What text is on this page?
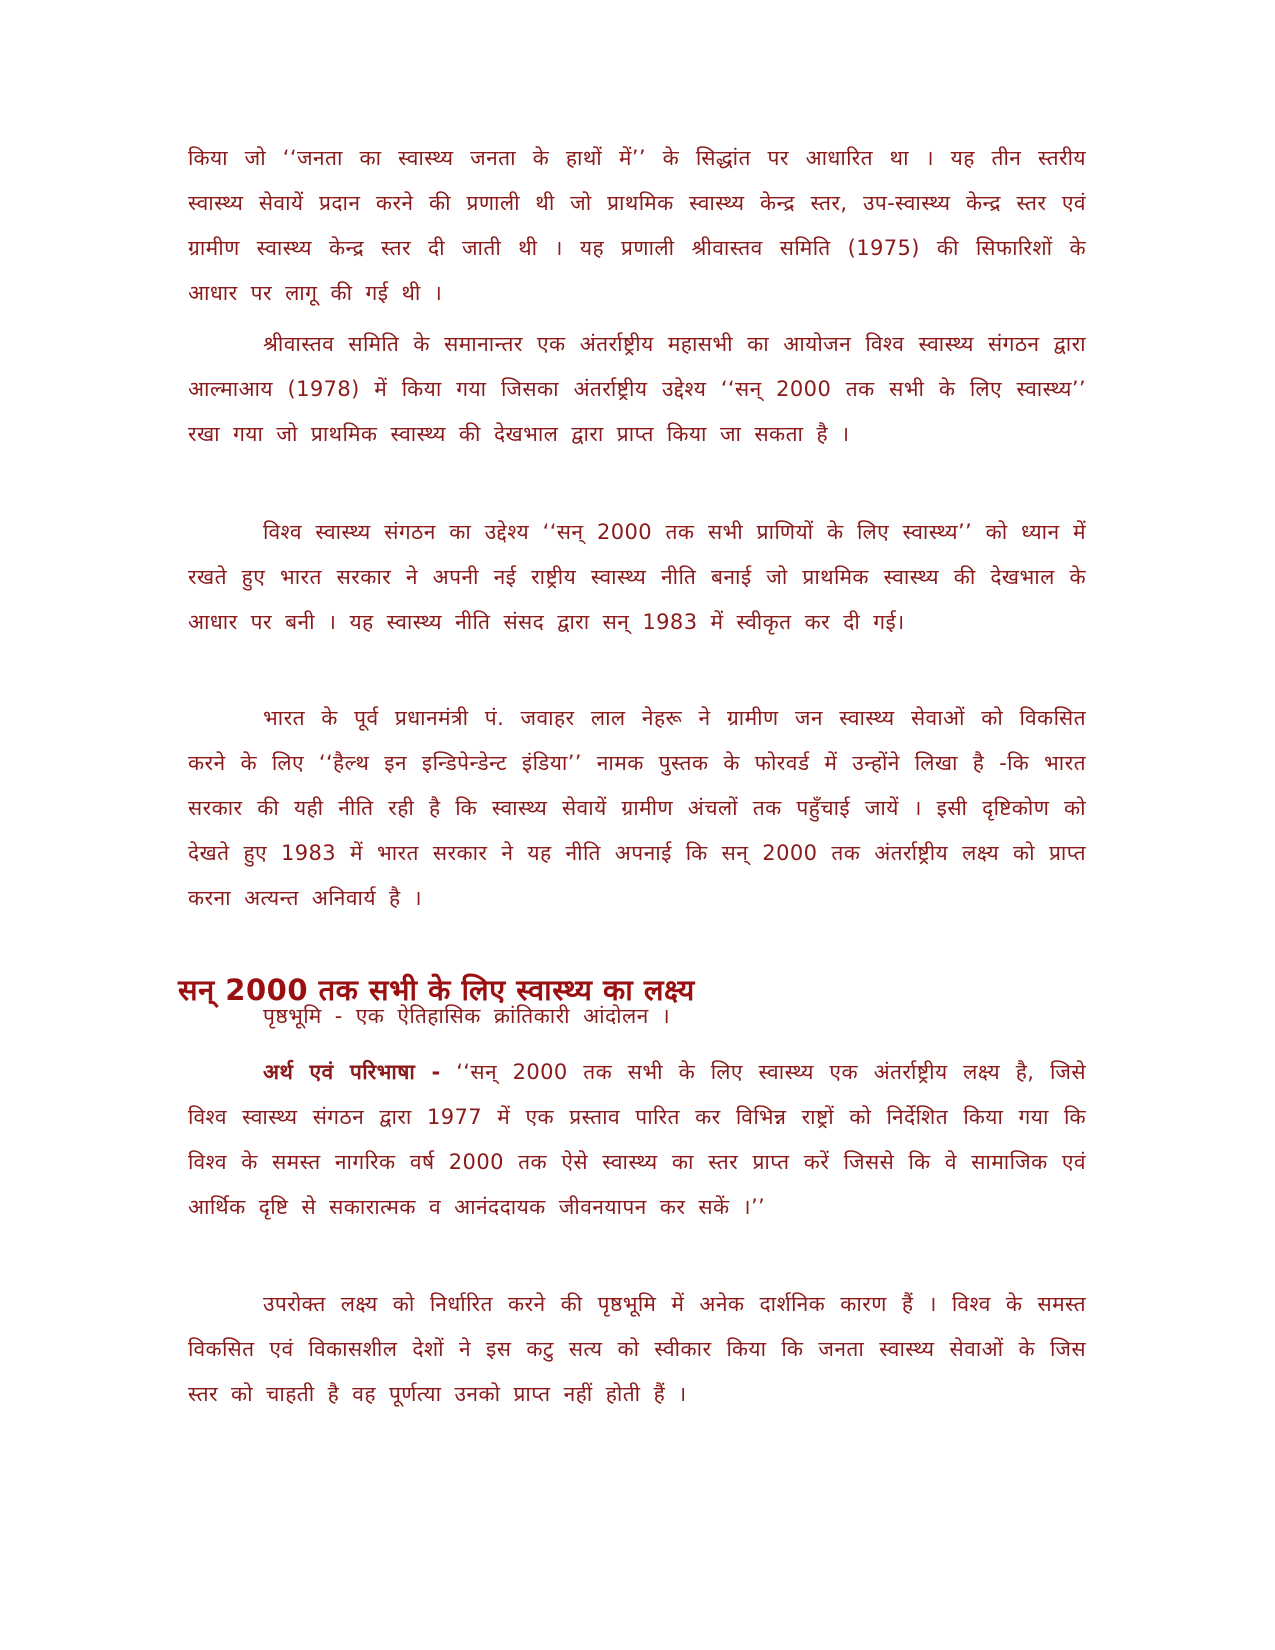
किया जो ‘‘जनता का स्वास्थ्य जनता के हाथों में’’ के सिद्धांत पर आधारित था । यह तीन स्तरीय स्वास्थ्य सेवायें प्रदान करने की प्रणाली थी जो प्राथमिक स्वास्थ्य केन्द्र स्तर, उप-स्वास्थ्य केन्द्र स्तर एवं ग्रामीण स्वास्थ्य केन्द्र स्तर दी जाती थी । यह प्रणाली श्रीवास्तव समिति (1975) की सिफारिशों के आधार पर लागू की गई थी ।
श्रीवास्तव समिति के समानान्तर एक अंतर्राष्ट्रीय महासभी का आयोजन विश्व स्वास्थ्य संगठन द्वारा आल्माआय (1978) में किया गया जिसका अंतर्राष्ट्रीय उद्देश्य ‘‘सन् 2000 तक सभी के लिए स्वास्थ्य’’ रखा गया जो प्राथमिक स्वास्थ्य की देखभाल द्वारा प्राप्त किया जा सकता है ।
विश्व स्वास्थ्य संगठन का उद्देश्य ‘‘सन् 2000 तक सभी प्राणियों के लिए स्वास्थ्य’’ को ध्यान में रखते हुए भारत सरकार ने अपनी नई राष्ट्रीय स्वास्थ्य नीति बनाई जो प्राथमिक स्वास्थ्य की देखभाल के आधार पर बनी । यह स्वास्थ्य नीति संसद द्वारा सन् 1983 में स्वीकृत कर दी गई।
भारत के पूर्व प्रधानमंत्री पं. जवाहर लाल नेहरू ने ग्रामीण जन स्वास्थ्य सेवाओं को विकसित करने के लिए ‘‘हैल्थ इन इन्डिपेन्डेन्ट इंडिया’’ नामक पुस्तक के फोरवर्ड में उन्होंने लिखा है -कि भारत सरकार की यही नीति रही है कि स्वास्थ्य सेवायें ग्रामीण अंचलों तक पहुँचाई जायें । इसी दृष्टिकोण को देखते हुए 1983 में भारत सरकार ने यह नीति अपनाई कि सन् 2000 तक अंतर्राष्ट्रीय लक्ष्य को प्राप्त करना अत्यन्त अनिवार्य है ।
सन् 2000 तक सभी के लिए स्वास्थ्य का लक्ष्य
पृष्ठभूमि - एक ऐतिहासिक क्रांतिकारी आंदोलन ।
अर्थ एवं परिभाषा - ‘‘सन् 2000 तक सभी के लिए स्वास्थ्य एक अंतर्राष्ट्रीय लक्ष्य है, जिसे विश्व स्वास्थ्य संगठन द्वारा 1977 में एक प्रस्ताव पारित कर विभिन्न राष्ट्रों को निर्देशित किया गया कि विश्व के समस्त नागरिक वर्ष 2000 तक ऐसे स्वास्थ्य का स्तर प्राप्त करें जिससे कि वे सामाजिक एवं आर्थिक दृष्टि से सकारात्मक व आनंददायक जीवनयापन कर सकें ।’’
उपरोक्त लक्ष्य को निर्धारित करने की पृष्ठभूमि में अनेक दार्शनिक कारण हैं । विश्व के समस्त विकसित एवं विकासशील देशों ने इस कटु सत्य को स्वीकार किया कि जनता स्वास्थ्य सेवाओं के जिस स्तर को चाहती है वह पूर्णत्या उनको प्राप्त नहीं होती हैं ।
